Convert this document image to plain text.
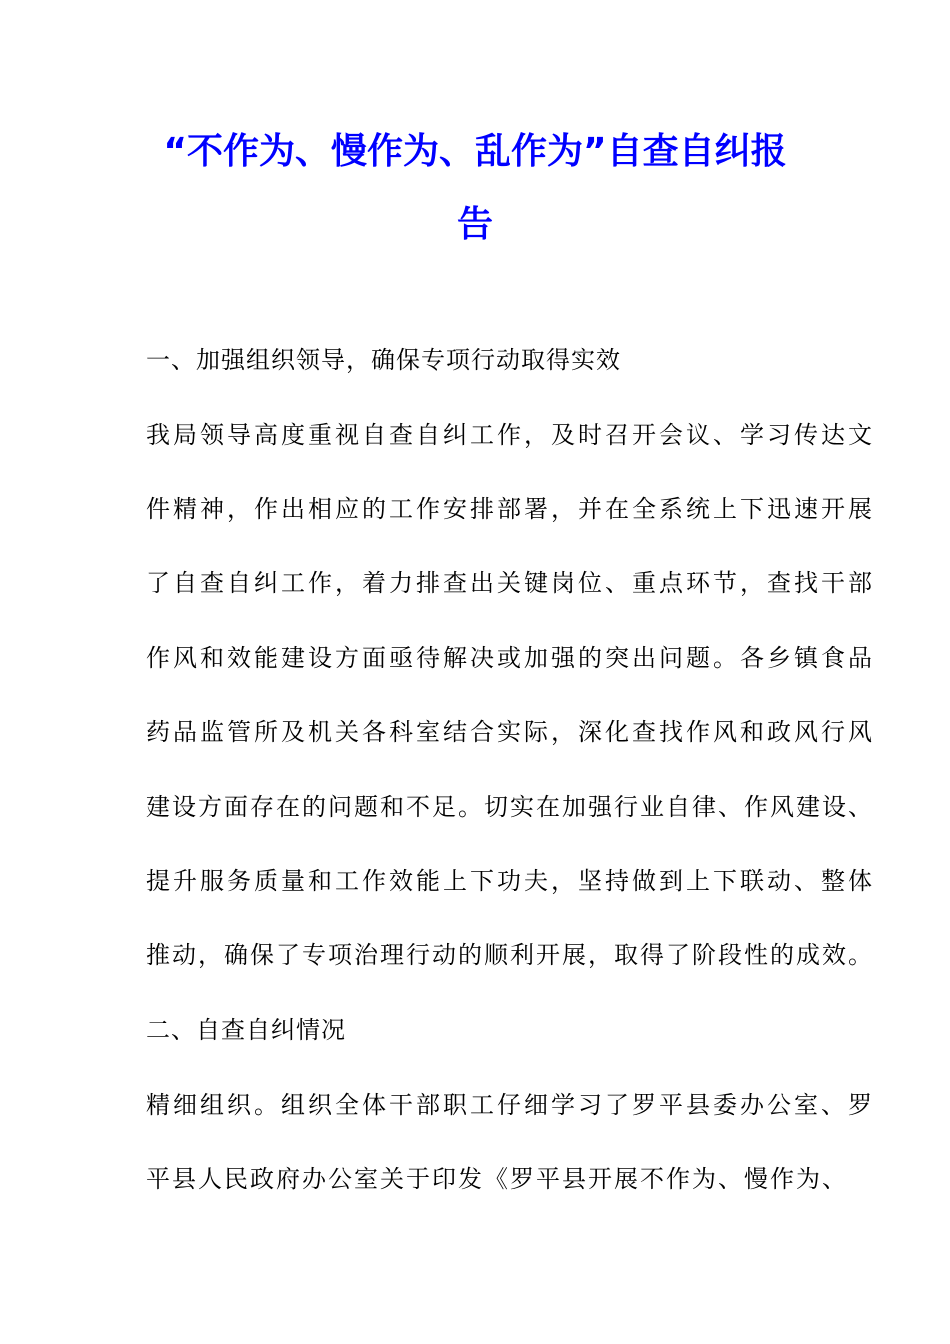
“不作为、慢作为、乱作为”自查自纠报
告
一、加强组织领导，确保专项行动取得实效
我局领导高度重视自查自纠工作，及时召开会议、学习传达文
件精神，作出相应的工作安排部署，并在全系统上下迅速开展
了自查自纠工作，着力排查出关键岗位、重点环节，查找干部
作风和效能建设方面亟待解决或加强的突出问题。各乡镇食品
药品监管所及机关各科室结合实际，深化查找作风和政风行风
建设方面存在的问题和不足。切实在加强行业自律、作风建设、
提升服务质量和工作效能上下功夫，坚持做到上下联动、整体
推动，确保了专项治理行动的顺利开展，取得了阶段性的成效。
二、自查自纠情况
精细组织。组织全体干部职工仔细学习了罗平县委办公室、罗
平县人民政府办公室关于印发《罗平县开展不作为、慢作为、
